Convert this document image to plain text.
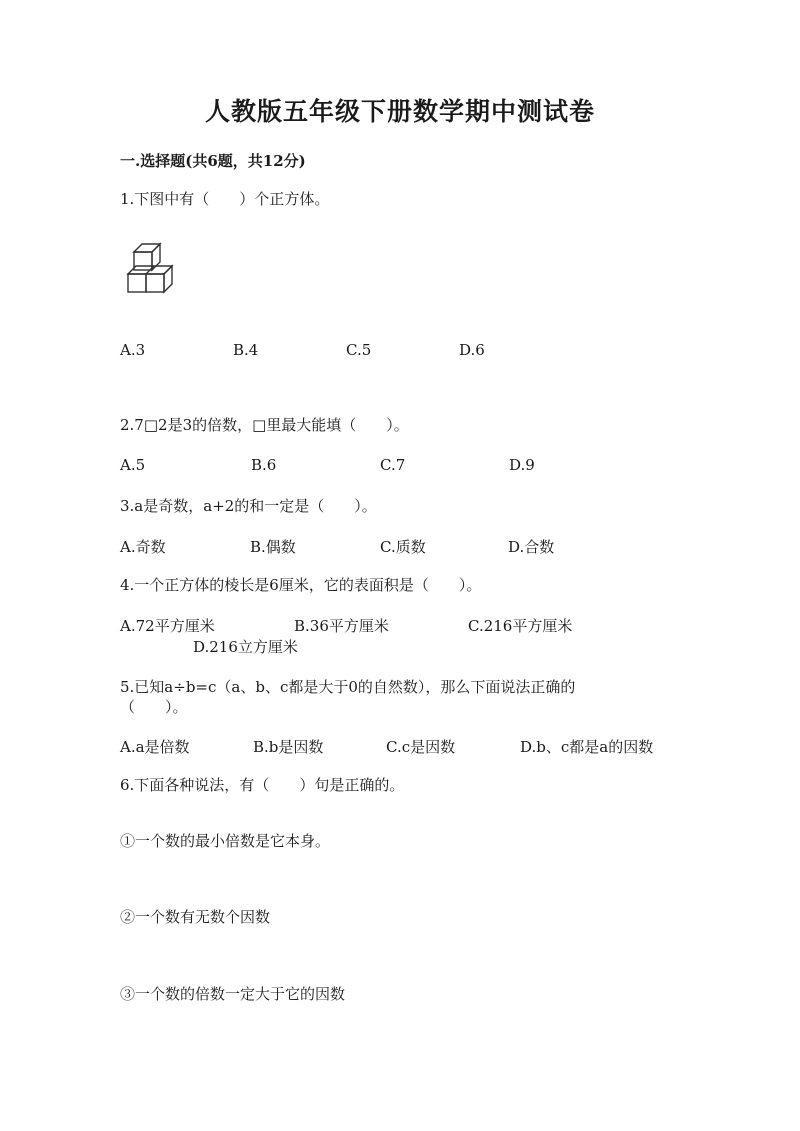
人教版五年级下册数学期中测试卷
一.选择题(共6题，共12分)
1.下图中有（　　）个正方体。
A.3	B.4	C.5	D.6
2.7□2是3的倍数，□里最大能填（　　）。
A.5	B.6	C.7	D.9
3.a是奇数，a+2的和一定是（　　）。
A.奇数	B.偶数	C.质数	D.合数
4.一个正方体的棱长是6厘米，它的表面积是（　　）。
A.72平方厘米	B.36平方厘米	C.216平方厘米
D.216立方厘米
5.已知a÷b=c（a、b、c都是大于0的自然数），那么下面说法正确的
（　　）。
A.a是倍数	B.b是因数	C.c是因数	D.b、c都是a的因数
6.下面各种说法，有（　　）句是正确的。
①一个数的最小倍数是它本身。
②一个数有无数个因数
③一个数的倍数一定大于它的因数
